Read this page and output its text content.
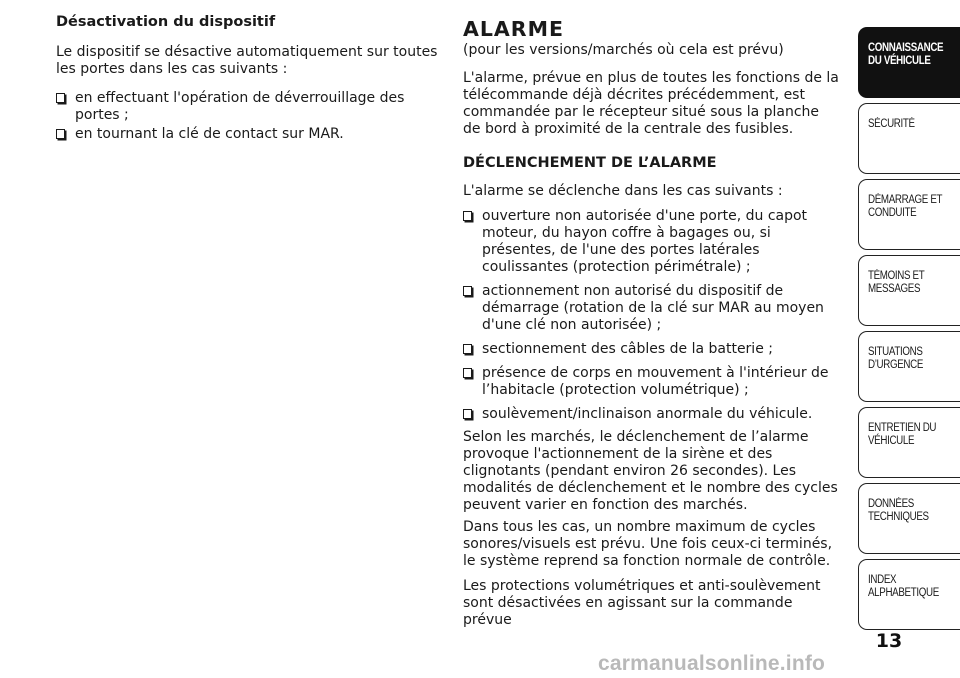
Désactivation du dispositif

Le dispositif se désactive automatiquement sur toutes les portes dans les cas suivants :

en effectuant l'opération de déverrouillage des portes ;
en tournant la clé de contact sur MAR.
ALARME

(pour les versions/marchés où cela est prévu)

L'alarme, prévue en plus de toutes les fonctions de la télécommande déjà décrites précédemment, est commandée par le récepteur situé sous la planche de bord à proximité de la centrale des fusibles.

DÉCLENCHEMENT DE L’ALARME

L'alarme se déclenche dans les cas suivants :

ouverture non autorisée d'une porte, du capot moteur, du hayon coffre à bagages ou, si présentes, de l'une des portes latérales coulissantes (protection périmétrale) ;
actionnement non autorisé du dispositif de démarrage (rotation de la clé sur MAR au moyen d'une clé non autorisée) ;
sectionnement des câbles de la batterie ;
présence de corps en mouvement à l'intérieur de l’habitacle (protection volumétrique) ;
soulèvement/inclinaison anormale du véhicule.

Selon les marchés, le déclenchement de l’alarme provoque l'actionnement de la sirène et des clignotants (pendant environ 26 secondes). Les modalités de déclenchement et le nombre des cycles peuvent varier en fonction des marchés.

Dans tous les cas, un nombre maximum de cycles sonores/visuels est prévu. Une fois ceux-ci terminés, le système reprend sa fonction normale de contrôle.

Les protections volumétriques et anti-soulèvement sont désactivées en agissant sur la commande prévue

CONNAISSANCE
DU VÉHICULE
SÉCURITÉ
DÉMARRAGE ET
CONDUITE
TÉMOINS ET
MESSAGES
SITUATIONS
D’URGENCE
ENTRETIEN DU
VÉHICULE
DONNÉES
TECHNIQUES
INDEX
ALPHABETIQUE
13
carmanualsonline.info
